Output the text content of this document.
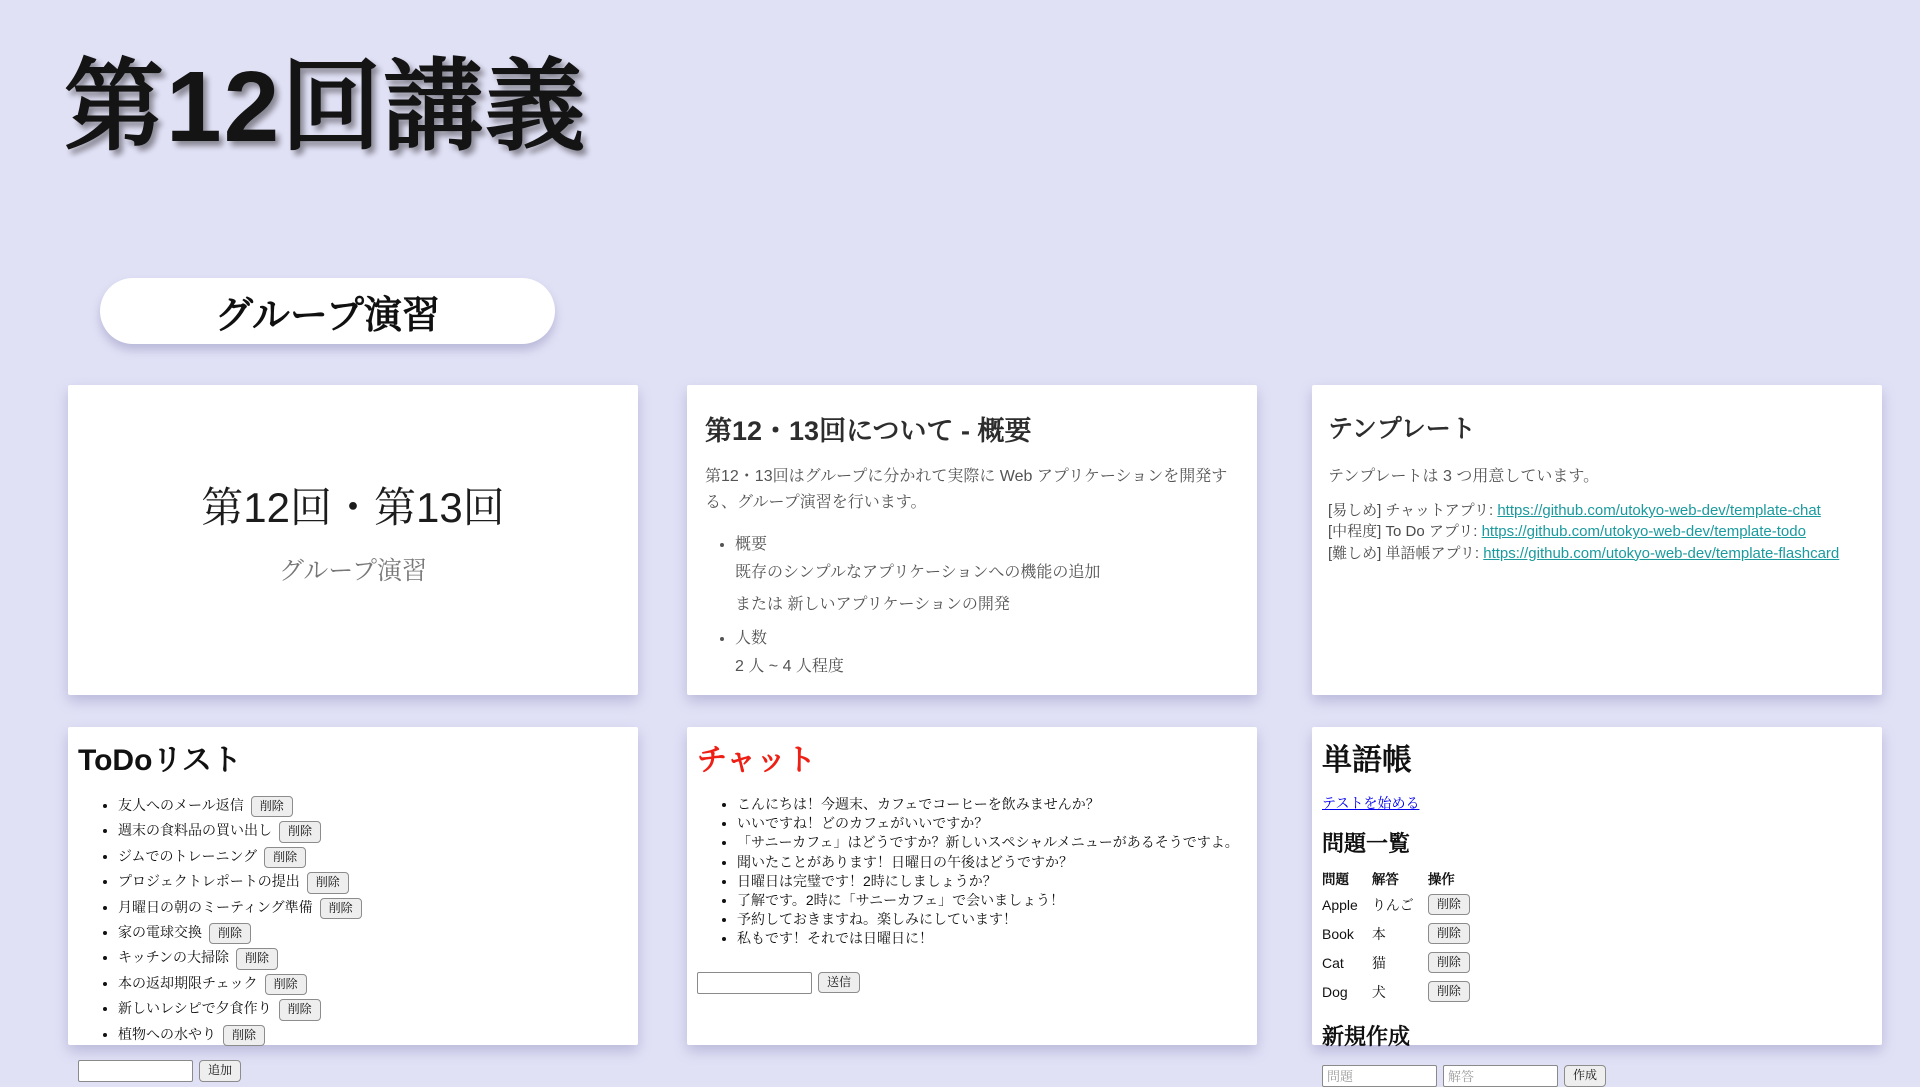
第12回講義
グループ演習
第12回・第13回
グループ演習
第12・13回について - 概要

第12・13回はグループに分かれて実際に Web アプリケーションを開発する、グループ演習を行います。

• 概要
既存のシンプルなアプリケーションへの機能の追加
または 新しいアプリケーションの開発
• 人数
2 人 ~ 4 人程度
テンプレート

テンプレートは 3 つ用意しています。

[易しめ] チャットアプリ: https://github.com/utokyo-web-dev/template-chat
[中程度] To Do アプリ: https://github.com/utokyo-web-dev/template-todo
[難しめ] 単語帳アプリ: https://github.com/utokyo-web-dev/template-flashcard
ToDoリスト
• 友人へのメール返信 削除
• 週末の食料品の買い出し 削除
• ジムでのトレーニング 削除
• プロジェクトレポートの提出 削除
• 月曜日の朝のミーティング準備 削除
• 家の電球交換 削除
• キッチンの大掃除 削除
• 本の返却期限チェック 削除
• 新しいレシピで夕食作り 削除
• 植物への水やり 削除
追加
チャット
• こんにちは！今週末、カフェでコーヒーを飲みませんか？
• いいですね！どのカフェがいいですか？
• 「サニーカフェ」はどうですか？新しいスペシャルメニューがあるそうですよ。
• 聞いたことがあります！日曜日の午後はどうですか？
• 日曜日は完璧です！2時にしましょうか？
• 了解です。2時に「サニーカフェ」で会いましょう！
• 予約しておきますね。楽しみにしています！
• 私もです！それでは日曜日に！
送信
単語帳
テストを始める
問題一覧
問題	解答	操作
Apple	りんご	削除
Book	本	削除
Cat	猫	削除
Dog	犬	削除
新規作成
問題
解答
作成
